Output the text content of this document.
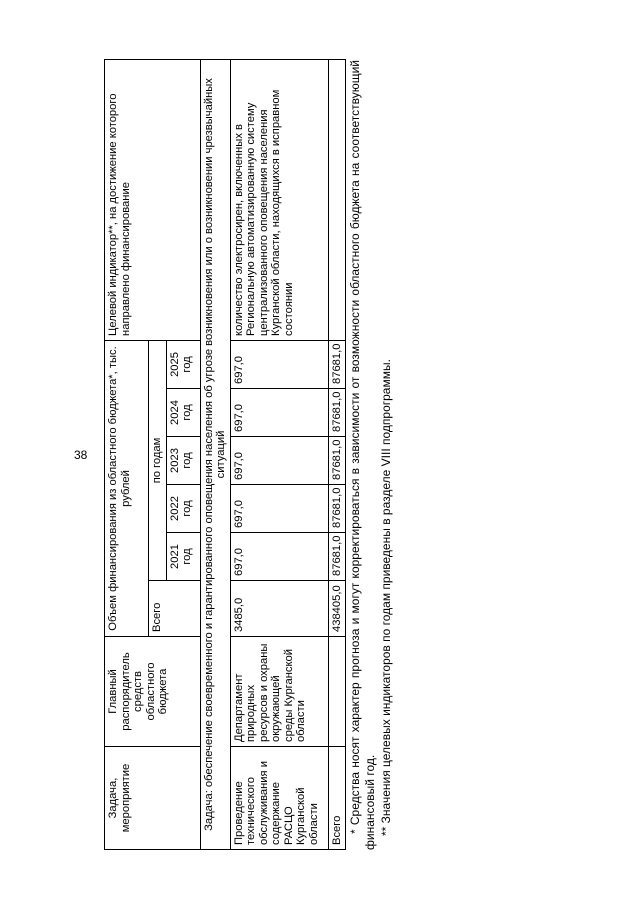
38
Задача, мероприятие	Главный распорядитель средств областного бюджета	Объем финансирования из областного бюджета*, тыс. рублей						Целевой индикатор**, на достижение которого направлено финансирование
		Всего	по годам					
			2021 год	2022 год	2023 год	2024 год	2025 год	
Задача: обеспечение своевременного и гарантированного оповещения населения об угрозе возникновения или о возникновении чрезвычайных ситуаций								
Проведение технического обслуживания и содержание РАСЦО Курганской области	Департамент природных ресурсов и охраны окружающей среды Курганской области	3485,0	697,0	697,0	697,0	697,0	697,0	количество электросирен, включенных в Региональную автоматизированную систему централизованного оповещения населения Курганской области, находящихся в исправном состоянии
Всего		438405,0	87681,0	87681,0	87681,0	87681,0	87681,0	* Средства носят характер прогноза и могут корректироваться в зависимости от возможности областного бюджета на соответствующий финансовый год. ** Значения целевых индикаторов по годам приведены в разделе VIII подпрограммы.
